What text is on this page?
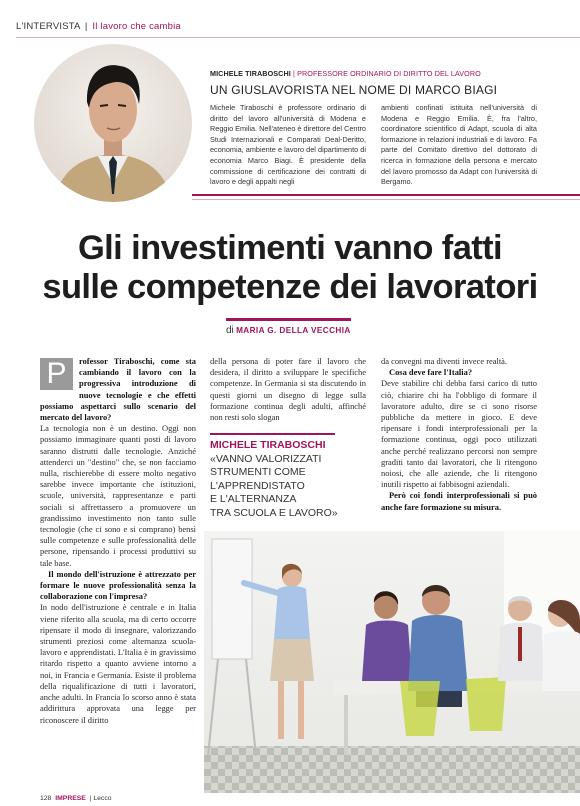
L'INTERVISTA | Il lavoro che cambia
MICHELE TIRABOSCHI | PROFESSORE ORDINARIO DI DIRITTO DEL LAVORO
UN GIUSLAVORISTA NEL NOME DI MARCO BIAGI
Michele Tiraboschi è professore ordinario di diritto del lavoro all'università di Modena e Reggio Emilia. Nell'ateneo è direttore del Centro Studi Internazionali e Comparati Deal-Deritto, economia, ambiente e lavoro del dipartimento di economia Marco Biagi. È presidente della commissione di certificazione dei contratti di lavoro e degli appalti negli
ambienti confinati istituita nell'università di Modena e Reggio Emilia. È, fra l'altro, coordinatore scientifico di Adapt, scuola di alta formazione in relazioni industriali e di lavoro. Fa parte del Comitato direttivo del dottorato di ricerca in formazione della persona e mercato del lavoro promosso da Adapt con l'università di Bergamo.
Gli investimenti vanno fatti
sulle competenze dei lavoratori
di MARIA G. DELLA VECCHIA
P	rofessor Tiraboschi, come sta cambiando il lavoro con la progressiva introduzione di nuove tecnologie e che effetti possiamo aspettarci sullo scenario del mercato del lavoro?

La tecnologia non è un destino. Oggi non possiamo immaginare quanti posti di lavoro saranno distrutti dalle tecnologie. Anziché attenderci un "destino" che, se non facciamo nulla, rischierebbe di essere molto negativo sarebbe invece importante che istituzioni, scuole, università, rappresentanze e parti sociali si affrettassero a promuovere un grandissimo investimento non tanto sulle tecnologie (che ci sono e si comprano) bensì sulle competenze e sulle professionalità delle persone, ripensando i processi produttivi su tale base.

Il mondo dell'istruzione è attrezzato per formare le nuove professionalità senza la collaborazione con l'impresa?

In nodo dell'istruzione è centrale e in Italia viene riferito alla scuola, ma di certo occorre ripensare il modo di insegnare, valorizzando strumenti preziosi come alternanza scuola-lavoro e apprendistati. L'Italia è in gravissimo ritardo rispetto a quanto avviene intorno a noi, in Francia e Germania. Esiste il problema della riqualificazione di tutti i lavoratori, anche adulti. In Francia lo scorso anno è stata addirittura approvata una legge per riconoscere il diritto

della persona di poter fare il lavoro che desidera, il diritto a sviluppare le specifiche competenze. In Germania si sta discutendo in questi giorni un disegno di legge sulla formazione continua degli adulti, affinché non resti solo slogan

MICHELE TIRABOSCHI
«VANNO VALORIZZATI
STRUMENTI COME
L'APPRENDISTATO
E L'ALTERNANZA
TRA SCUOLA E LAVORO»

da convegni ma diventi invece realtà.

Cosa deve fare l'Italia?

Deve stabilire chi debba farsi carico di tutto ciò, chiarire chi ha l'obbligo di formare il lavoratore adulto, dire se ci sono risorse pubbliche da mettere in gioco. E deve ripensare i fondi interprofessionali per la formazione continua, oggi poco utilizzati anche perché realizzano percorsi non sempre graditi tanto dai lavoratori, che li ritengono noiosi, che alle aziende, che li ritengono inutili rispetto ai fabbisogni aziendali.

Però coi fondi interprofessionali si può anche fare formazione su misura.

128 IMPRESE | Lecco
